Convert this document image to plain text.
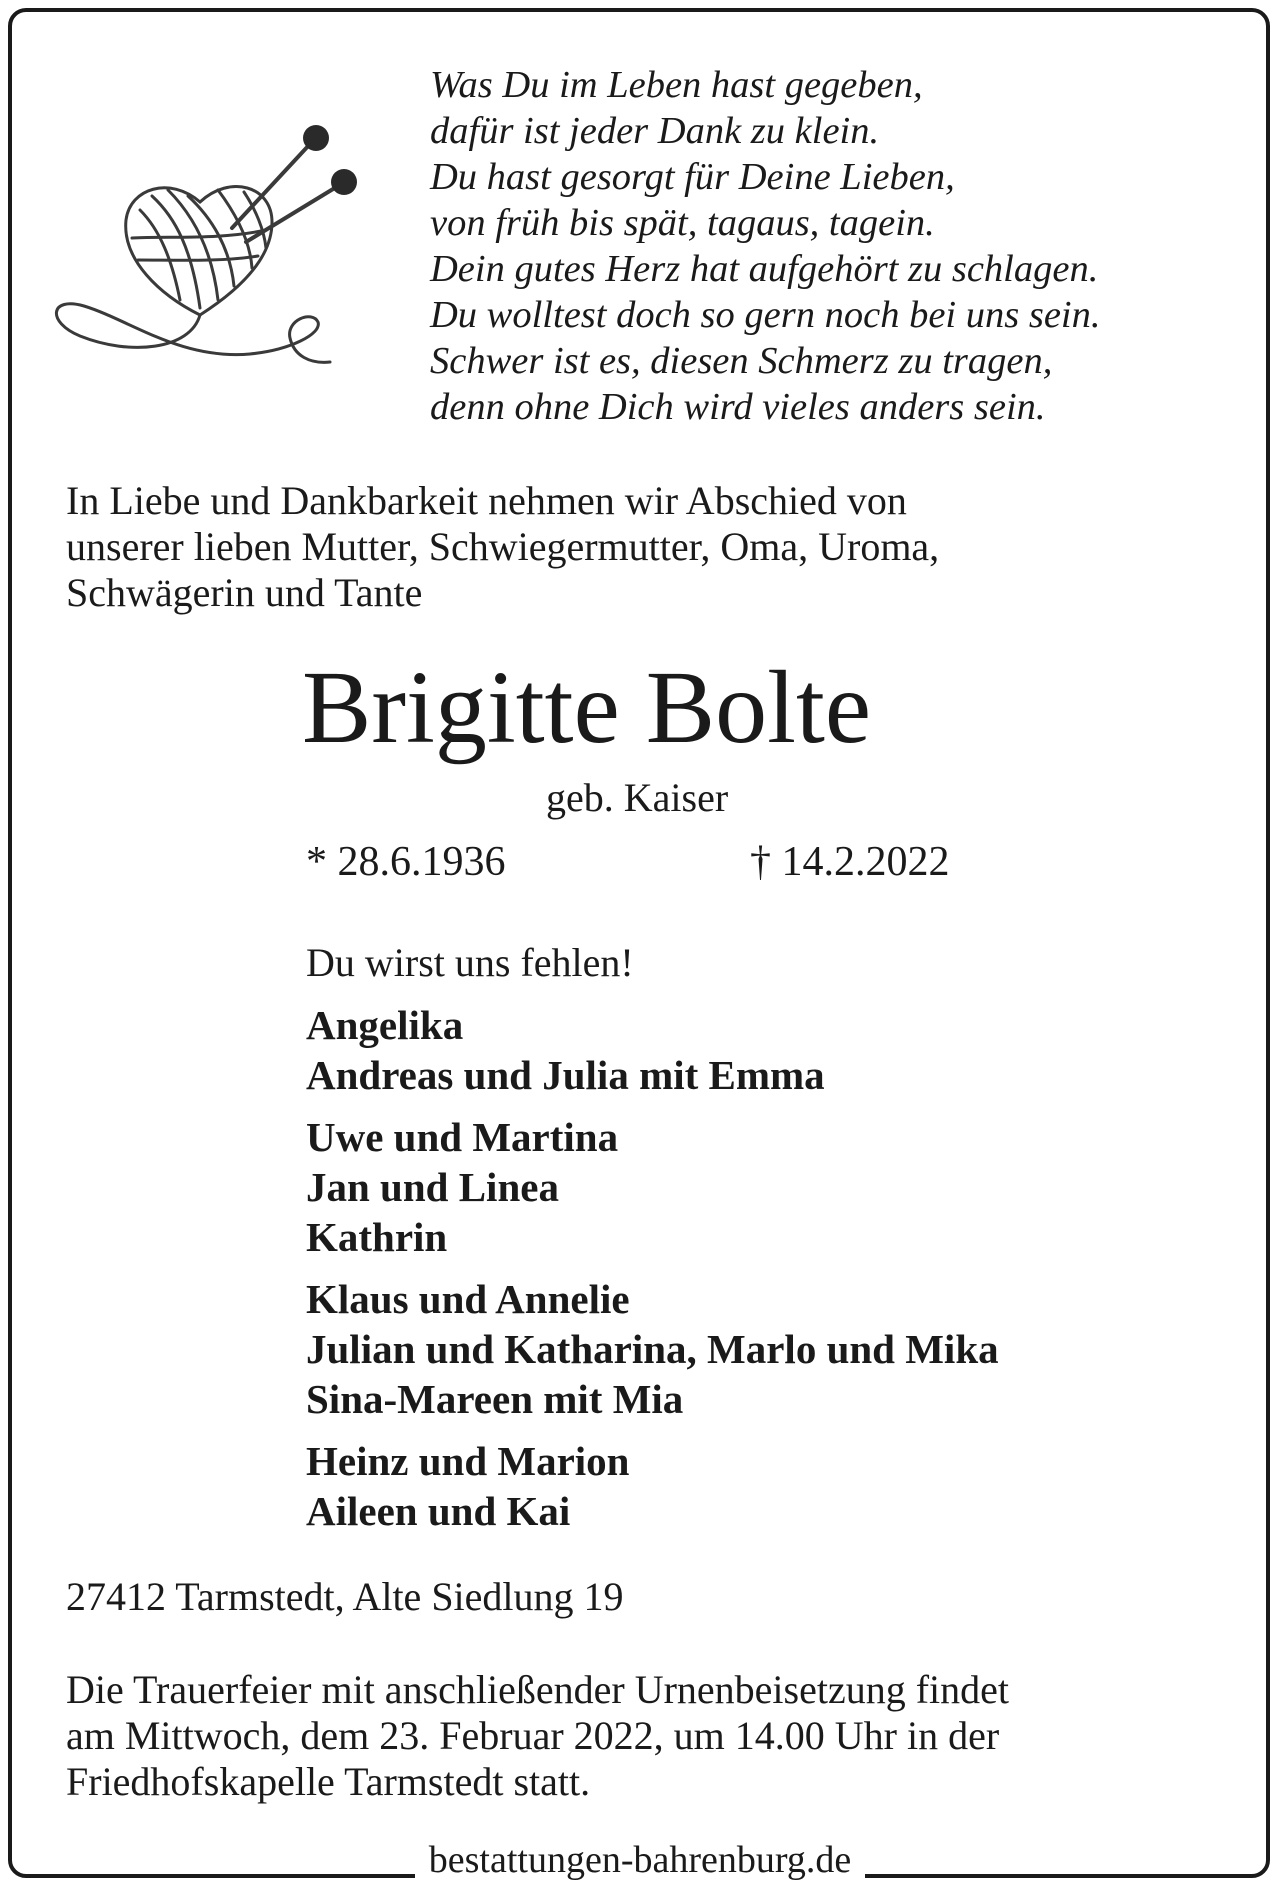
Was Du im Leben hast gegeben,
dafür ist jeder Dank zu klein.
Du hast gesorgt für Deine Lieben,
von früh bis spät, tagaus, tagein.
Dein gutes Herz hat aufgehört zu schlagen.
Du wolltest doch so gern noch bei uns sein.
Schwer ist es, diesen Schmerz zu tragen,
denn ohne Dich wird vieles anders sein.
In Liebe und Dankbarkeit nehmen wir Abschied von
unserer lieben Mutter, Schwiegermutter, Oma, Uroma,
Schwägerin und Tante
Brigitte Bolte
geb. Kaiser
* 28.6.1936	† 14.2.2022
Du wirst uns fehlen!
Angelika
Andreas und Julia mit Emma
Uwe und Martina
Jan und Linea
Kathrin
Klaus und Annelie
Julian und Katharina, Marlo und Mika
Sina-Mareen mit Mia
Heinz und Marion
Aileen und Kai
27412 Tarmstedt, Alte Siedlung 19
Die Trauerfeier mit anschließender Urnenbeisetzung findet
am Mittwoch, dem 23. Februar 2022, um 14.00 Uhr in der
Friedhofskapelle Tarmstedt statt.
bestattungen-bahrenburg.de
